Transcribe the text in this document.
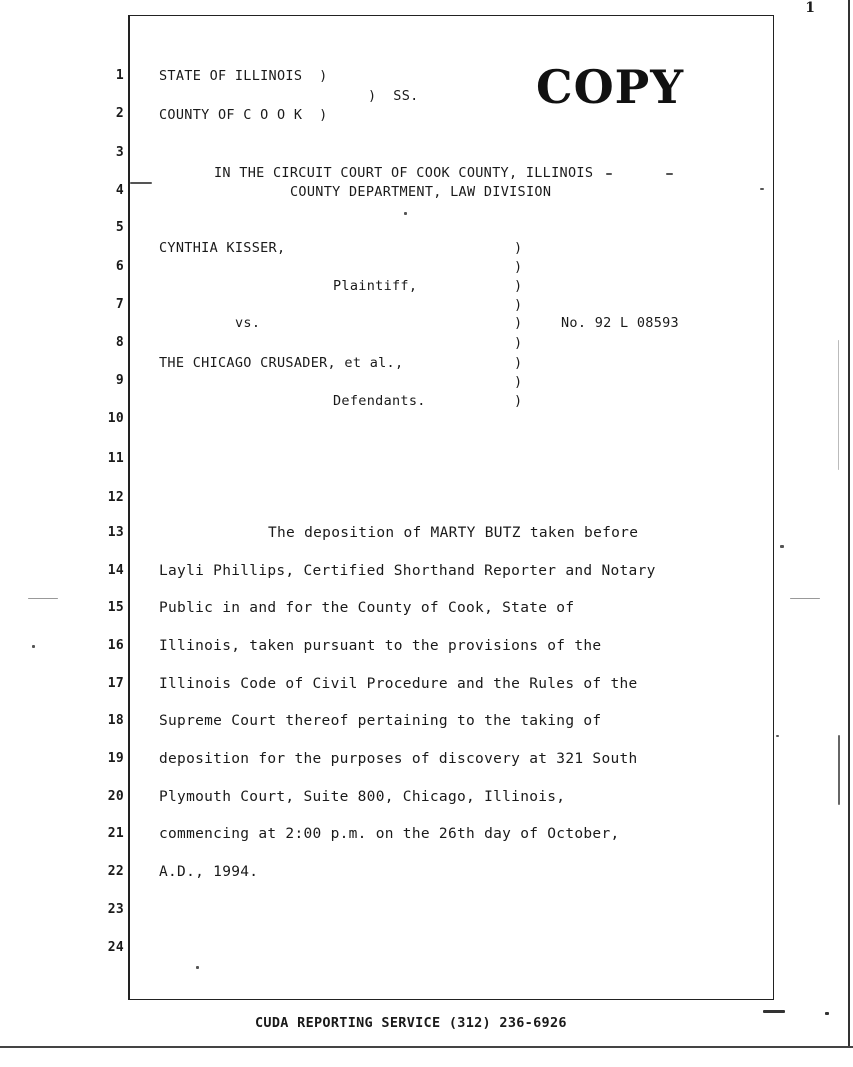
1
1
2
3
4
5
6
7
8
9
10
11
12
13
14
15
16
17
18
19
20
21
22
23
24
STATE OF ILLINOIS  )
)  SS.
COUNTY OF C O O K  )
COPY
IN THE CIRCUIT COURT OF COOK COUNTY, ILLINOIS
COUNTY DEPARTMENT, LAW DIVISION
CYNTHIA KISSER,
Plaintiff,
vs.
THE CHICAGO CRUSADER, et al.,
Defendants.
No. 92 L 08593
)
)
)
)
)
)
)
)
)
The deposition of MARTY BUTZ taken before
Layli Phillips, Certified Shorthand Reporter and Notary
Public in and for the County of Cook, State of
Illinois, taken pursuant to the provisions of the
Illinois Code of Civil Procedure and the Rules of the
Supreme Court thereof pertaining to the taking of
deposition for the purposes of discovery at 321 South
Plymouth Court, Suite 800, Chicago, Illinois,
commencing at 2:00 p.m. on the 26th day of October,
A.D., 1994.
CUDA REPORTING SERVICE (312) 236-6926
